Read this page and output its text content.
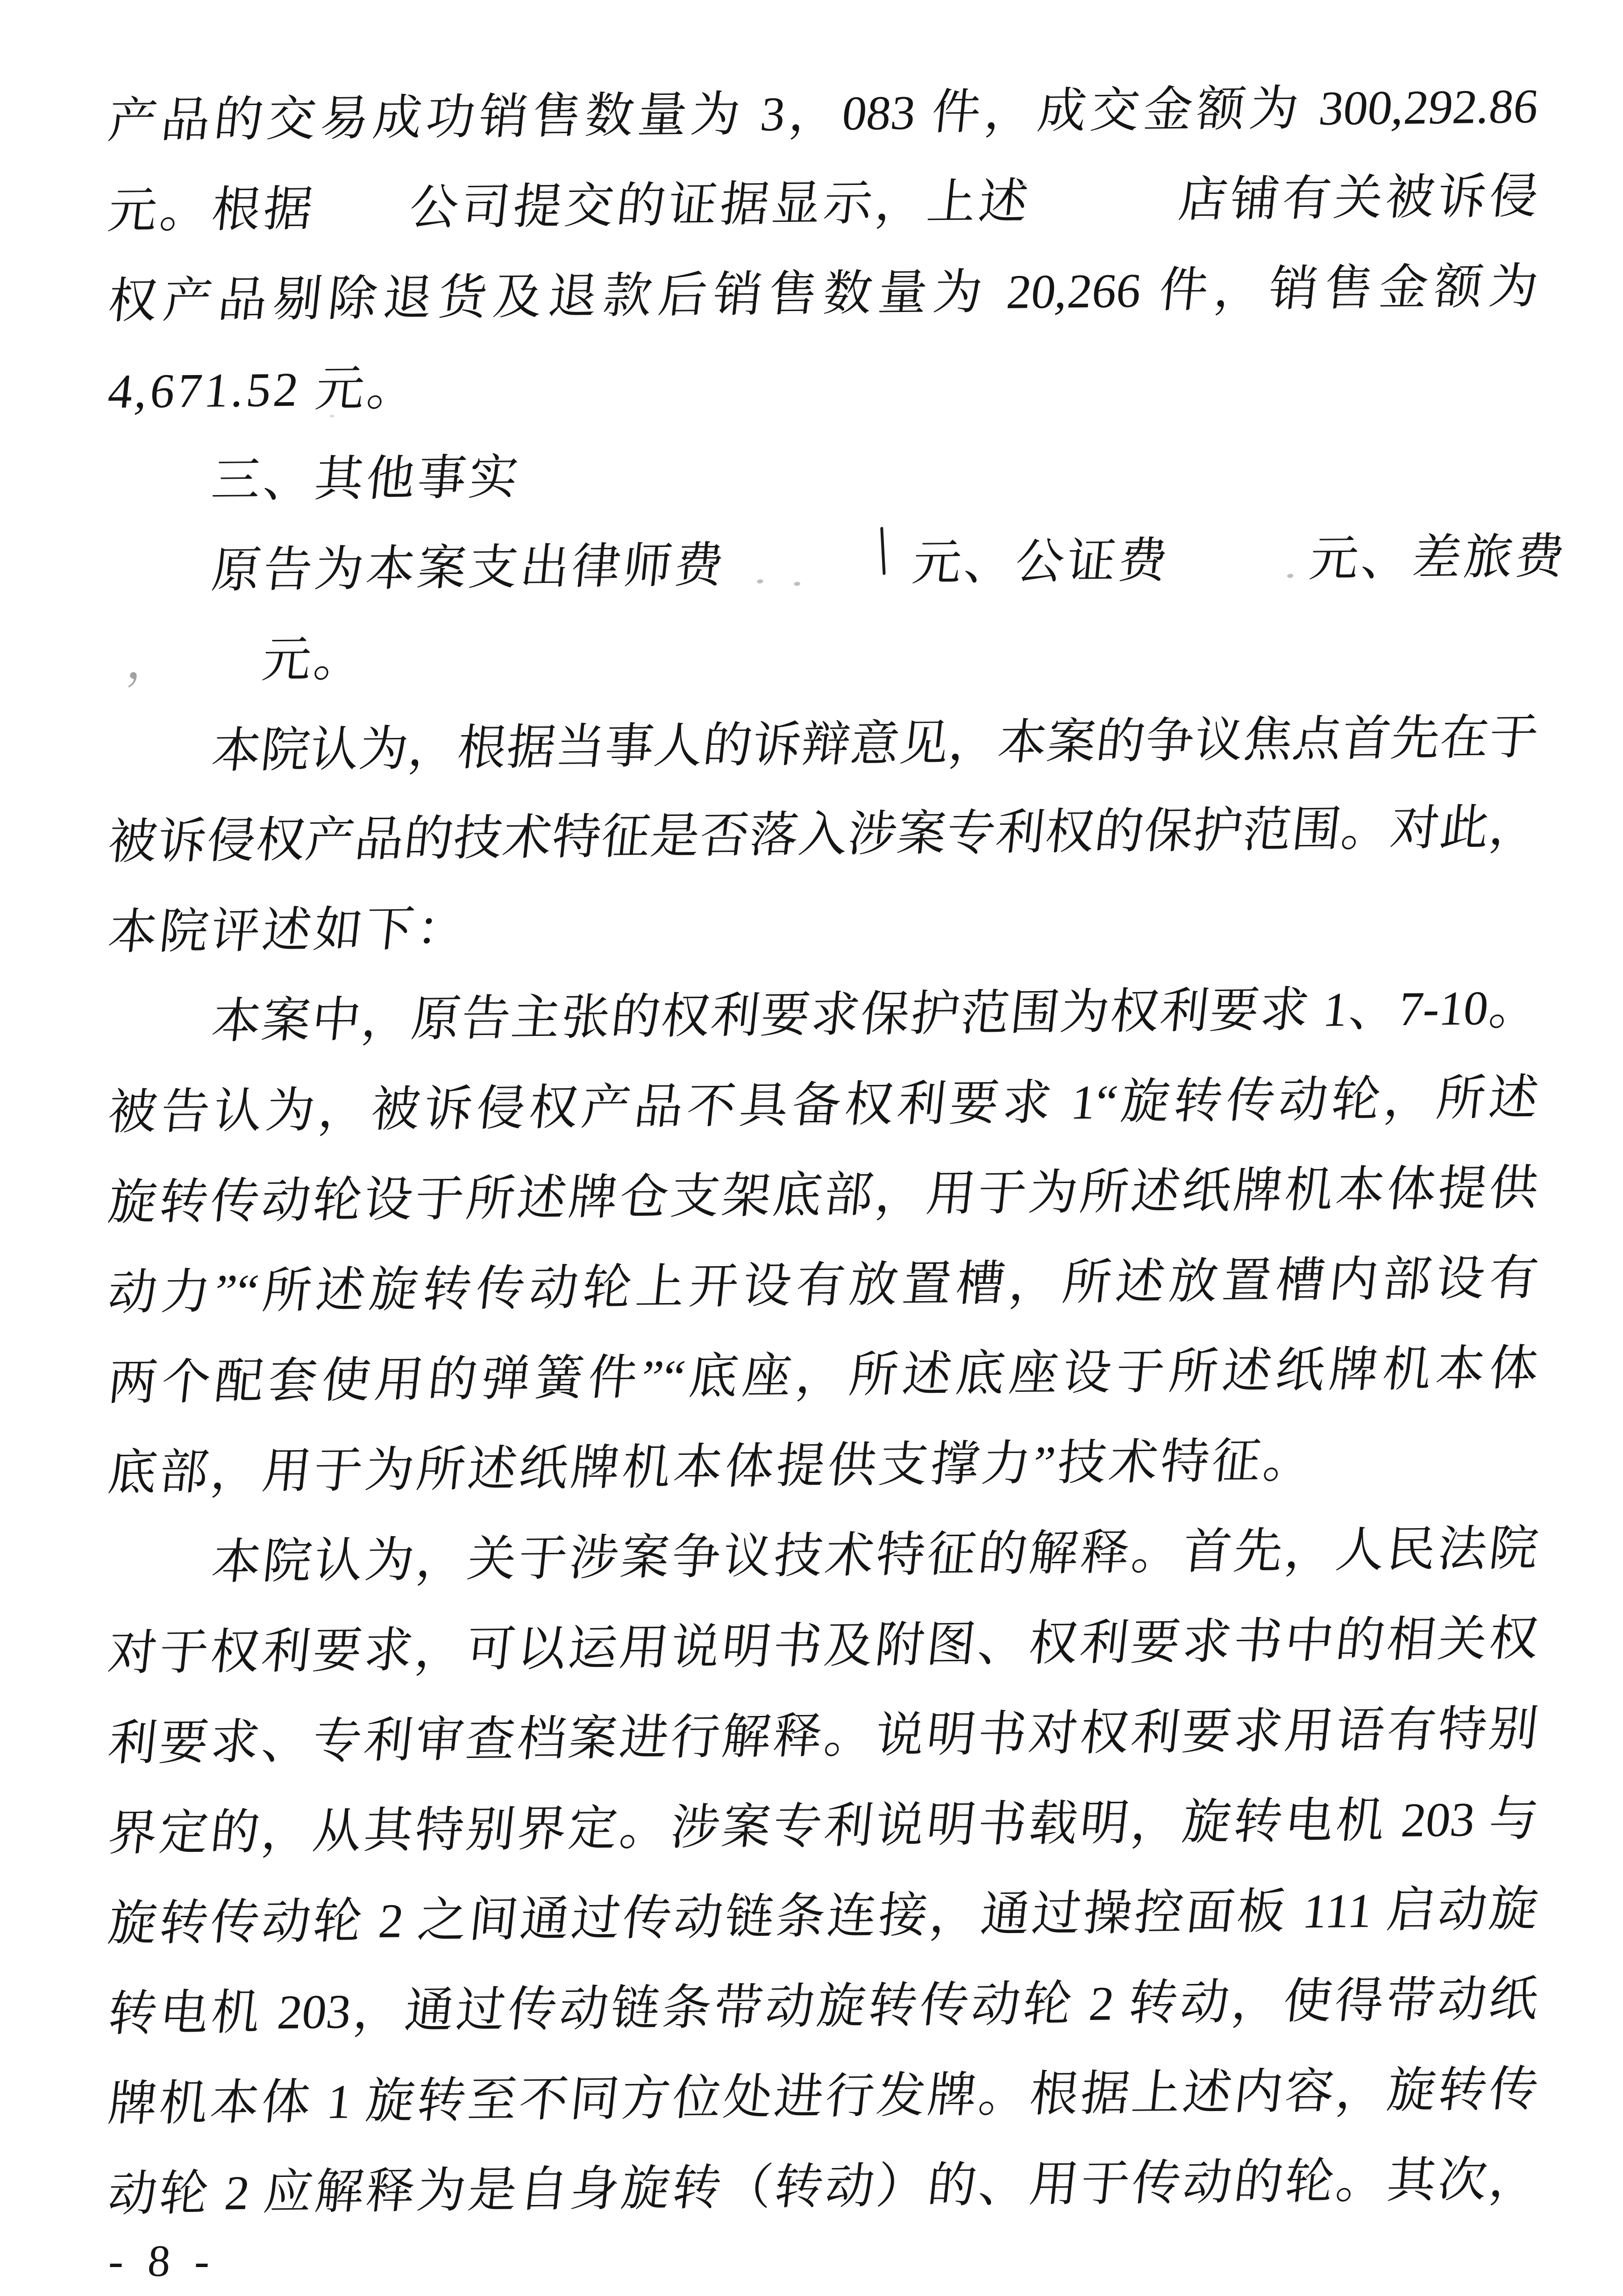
产品的交易成功销售数量为 3，083 件，成交金额为 300,292.86
元。根据 公司提交的证据显示，上述	店铺有关被诉侵
权产品剔除退货及退款后销售数量为 20,266 件，销售金额为
4,671.52 元。
三、其他事实
原告为本案支出律师费	元、公证费	元、差旅费
， 元。
本院认为，根据当事人的诉辩意见，本案的争议焦点首先在于
被诉侵权产品的技术特征是否落入涉案专利权的保护范围。对此，
本院评述如下：
本案中，原告主张的权利要求保护范围为权利要求 1、7-10。
被告认为，被诉侵权产品不具备权利要求 1“旋转传动轮，所述
旋转传动轮设于所述牌仓支架底部，用于为所述纸牌机本体提供
动力”“所述旋转传动轮上开设有放置槽，所述放置槽内部设有
两个配套使用的弹簧件”“底座，所述底座设于所述纸牌机本体
底部，用于为所述纸牌机本体提供支撑力”技术特征。
本院认为，关于涉案争议技术特征的解释。首先，人民法院
对于权利要求，可以运用说明书及附图、权利要求书中的相关权
利要求、专利审查档案进行解释。说明书对权利要求用语有特别
界定的，从其特别界定。涉案专利说明书载明，旋转电机 203 与
旋转传动轮 2 之间通过传动链条连接，通过操控面板 111 启动旋
转电机 203，通过传动链条带动旋转传动轮 2 转动，使得带动纸
牌机本体 1 旋转至不同方位处进行发牌。根据上述内容，旋转传
动轮 2 应解释为是自身旋转（转动）的、用于传动的轮。其次，
- 8 -
